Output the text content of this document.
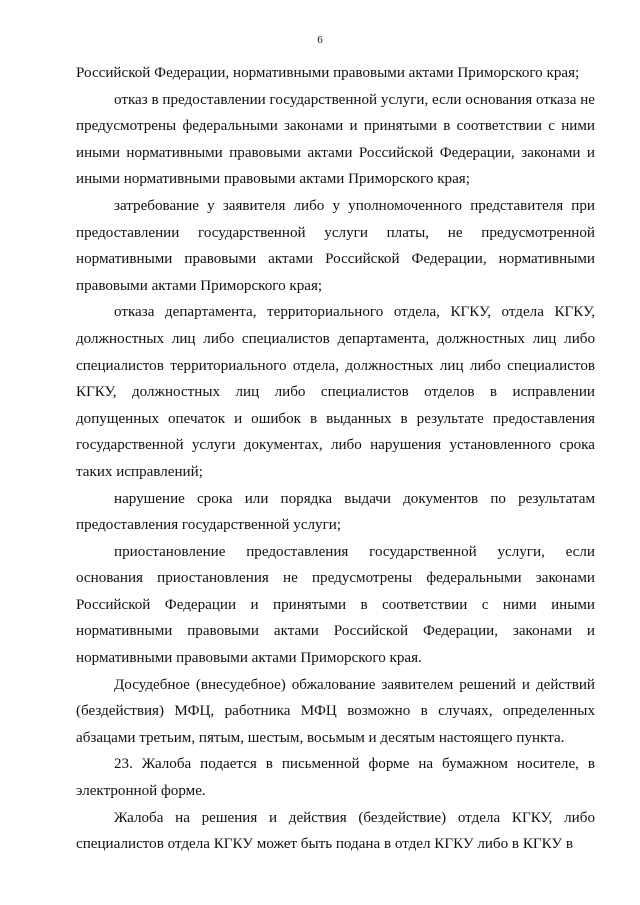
6

Российской Федерации, нормативными правовыми актами Приморского края;

отказ в предоставлении государственной услуги, если основания отказа не предусмотрены федеральными законами и принятыми в соответствии с ними иными нормативными правовыми актами Российской Федерации, законами и иными нормативными правовыми актами Приморского края;

затребование у заявителя либо у уполномоченного представителя при предоставлении государственной услуги платы, не предусмотренной нормативными правовыми актами Российской Федерации, нормативными правовыми актами Приморского края;

отказа департамента, территориального отдела, КГКУ, отдела КГКУ, должностных лиц либо специалистов департамента, должностных лиц либо специалистов территориального отдела, должностных лиц либо специалистов КГКУ, должностных лиц либо специалистов отделов в исправлении допущенных опечаток и ошибок в выданных в результате предоставления государственной услуги документах, либо нарушения установленного срока таких исправлений;

нарушение срока или порядка выдачи документов по результатам предоставления государственной услуги;

приостановление предоставления государственной услуги, если основания приостановления не предусмотрены федеральными законами Российской Федерации и принятыми в соответствии с ними иными нормативными правовыми актами Российской Федерации, законами и нормативными правовыми актами Приморского края.

Досудебное (внесудебное) обжалование заявителем решений и действий (бездействия) МФЦ, работника МФЦ возможно в случаях, определенных абзацами третьим, пятым, шестым, восьмым и десятым настоящего пункта.

23. Жалоба подается в письменной форме на бумажном носителе, в электронной форме.

Жалоба на решения и действия (бездействие) отдела КГКУ, либо специалистов отдела КГКУ может быть подана в отдел КГКУ либо в КГКУ в
